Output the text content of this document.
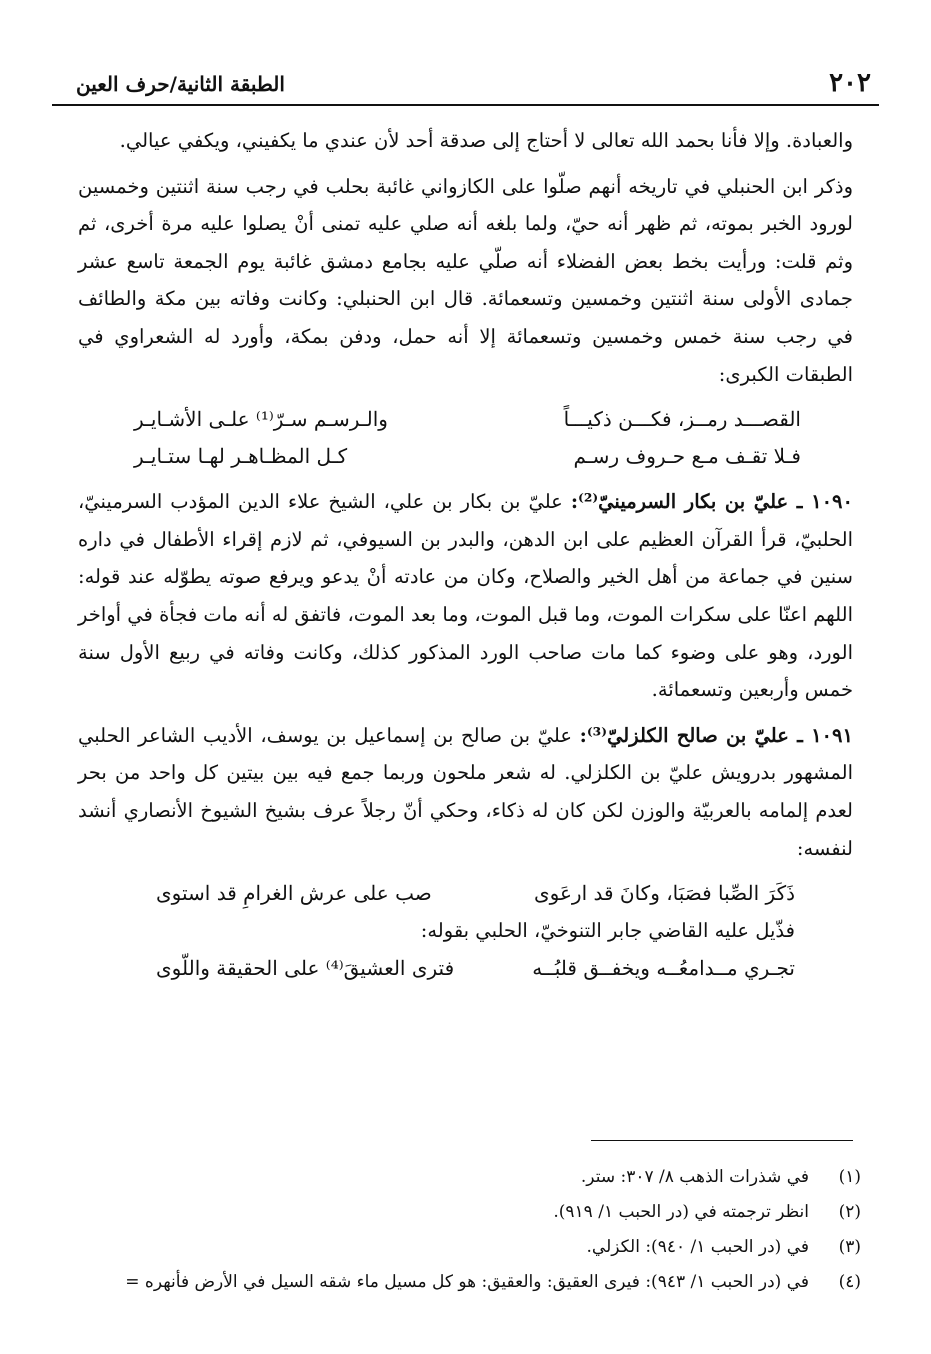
٢٠٢
الطبقة الثانية/حرف العين

والعبادة. وإلا فأنا بحمد الله تعالى لا أحتاج إلى صدقة أحد لأن عندي ما يكفيني، ويكفي عيالي.

وذكر ابن الحنبلي في تاريخه أنهم صلّوا على الكازواني غائبة بحلب في رجب سنة اثنتين وخمسين لورود الخبر بموته، ثم ظهر أنه حيّ، ولما بلغه أنه صلي عليه تمنى أنْ يصلوا عليه مرة أخرى، ثم وثم قلت: ورأيت بخط بعض الفضلاء أنه صلّي عليه بجامع دمشق غائبة يوم الجمعة تاسع عشر جمادى الأولى سنة اثنتين وخمسين وتسعمائة. قال ابن الحنبلي: وكانت وفاته بين مكة والطائف في رجب سنة خمس وخمسين وتسعمائة إلا أنه حمل، ودفن بمكة، وأورد له الشعراوي في الطبقات الكبرى:

القصـــد رمــز، فكـــن ذكيـــاً
والـرسـم سـرّ⁽¹⁾ علـى الأشـايـر
فـلا تقـف مـع حـروف رسـم
كـل المظـاهـر لهـا ستـايـر

١٠٩٠ ـ عليّ بن بكار السرمينيّ⁽²⁾: عليّ بن بكار بن علي، الشيخ علاء الدين المؤدب السرمينيّ، الحلبيّ، قرأ القرآن العظيم على ابن الدهن، والبدر بن السيوفي، ثم لازم إقراء الأطفال في داره سنين في جماعة من أهل الخير والصلاح، وكان من عادته أنْ يدعو ويرفع صوته يطوّله عند قوله: اللهم اعنّا على سكرات الموت، وما قبل الموت، وما بعد الموت، فاتفق له أنه مات فجأة في أواخر الورد، وهو على وضوء كما مات صاحب الورد المذكور كذلك، وكانت وفاته في ربيع الأول سنة خمس وأربعين وتسعمائة.

١٠٩١ ـ عليّ بن صالح الكلزليّ⁽³⁾: عليّ بن صالح بن إسماعيل بن يوسف، الأديب الشاعر الحلبي المشهور بدرويش عليّ بن الكلزلي. له شعر ملحون وربما جمع فيه بين بيتين كل واحد من بحر لعدم إلمامه بالعربيّة والوزن لكن كان له ذكاء، وحكي أنّ رجلاً عرف بشيخ الشيوخ الأنصاري أنشد لنفسه:

ذَكَرَ الصِّبا فصَبَا، وكانَ قد ارعَوى
صب على عرش الغرامِ قد استوى
فذّيل عليه القاضي جابر التنوخيّ، الحلبي بقوله:
تجـري مــدامعُــه ويخفــق قلبُــه
فترى العشيقَ⁽⁴⁾ على الحقيقة واللّوى
(١)
في شذرات الذهب ٨/ ٣٠٧: ستر.
(٢)
انظر ترجمته في (در الحبب ١/ ٩١٩).
(٣)
في (در الحبب ١/ ٩٤٠): الكزلي.
(٤)
في (در الحبب ١/ ٩٤٣): فيرى العقيق: والعقيق: هو كل مسيل ماء شقه السيل في الأرض فأنهره =
